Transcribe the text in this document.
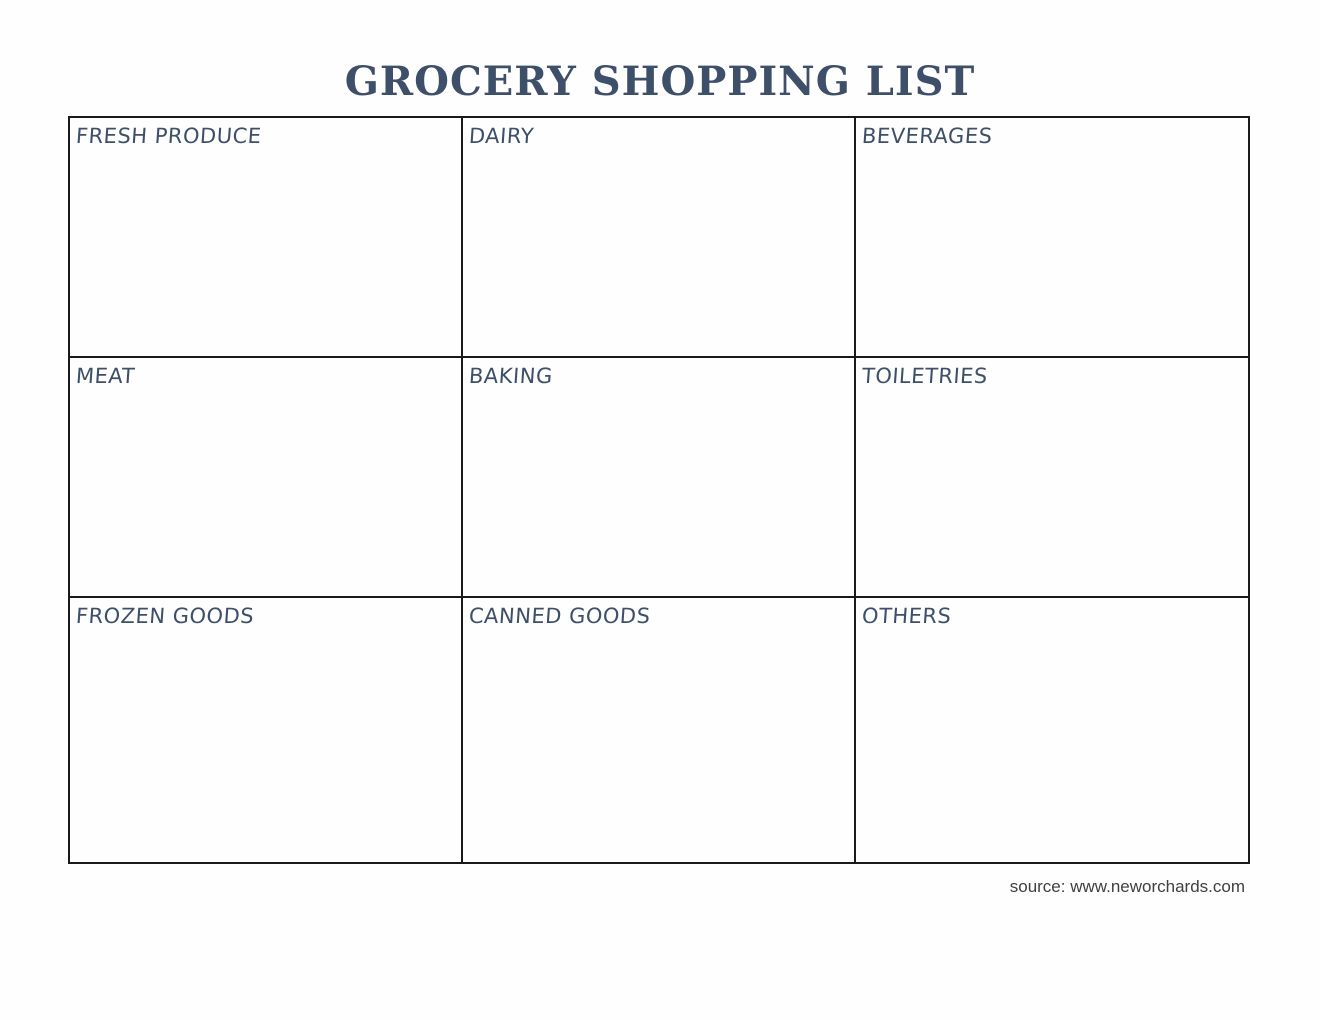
GROCERY SHOPPING LIST
FRESH PRODUCE	DAIRY	BEVERAGES
MEAT	BAKING	TOILETRIES
FROZEN GOODS	CANNED GOODS	OTHERS
source: www.neworchards.com
